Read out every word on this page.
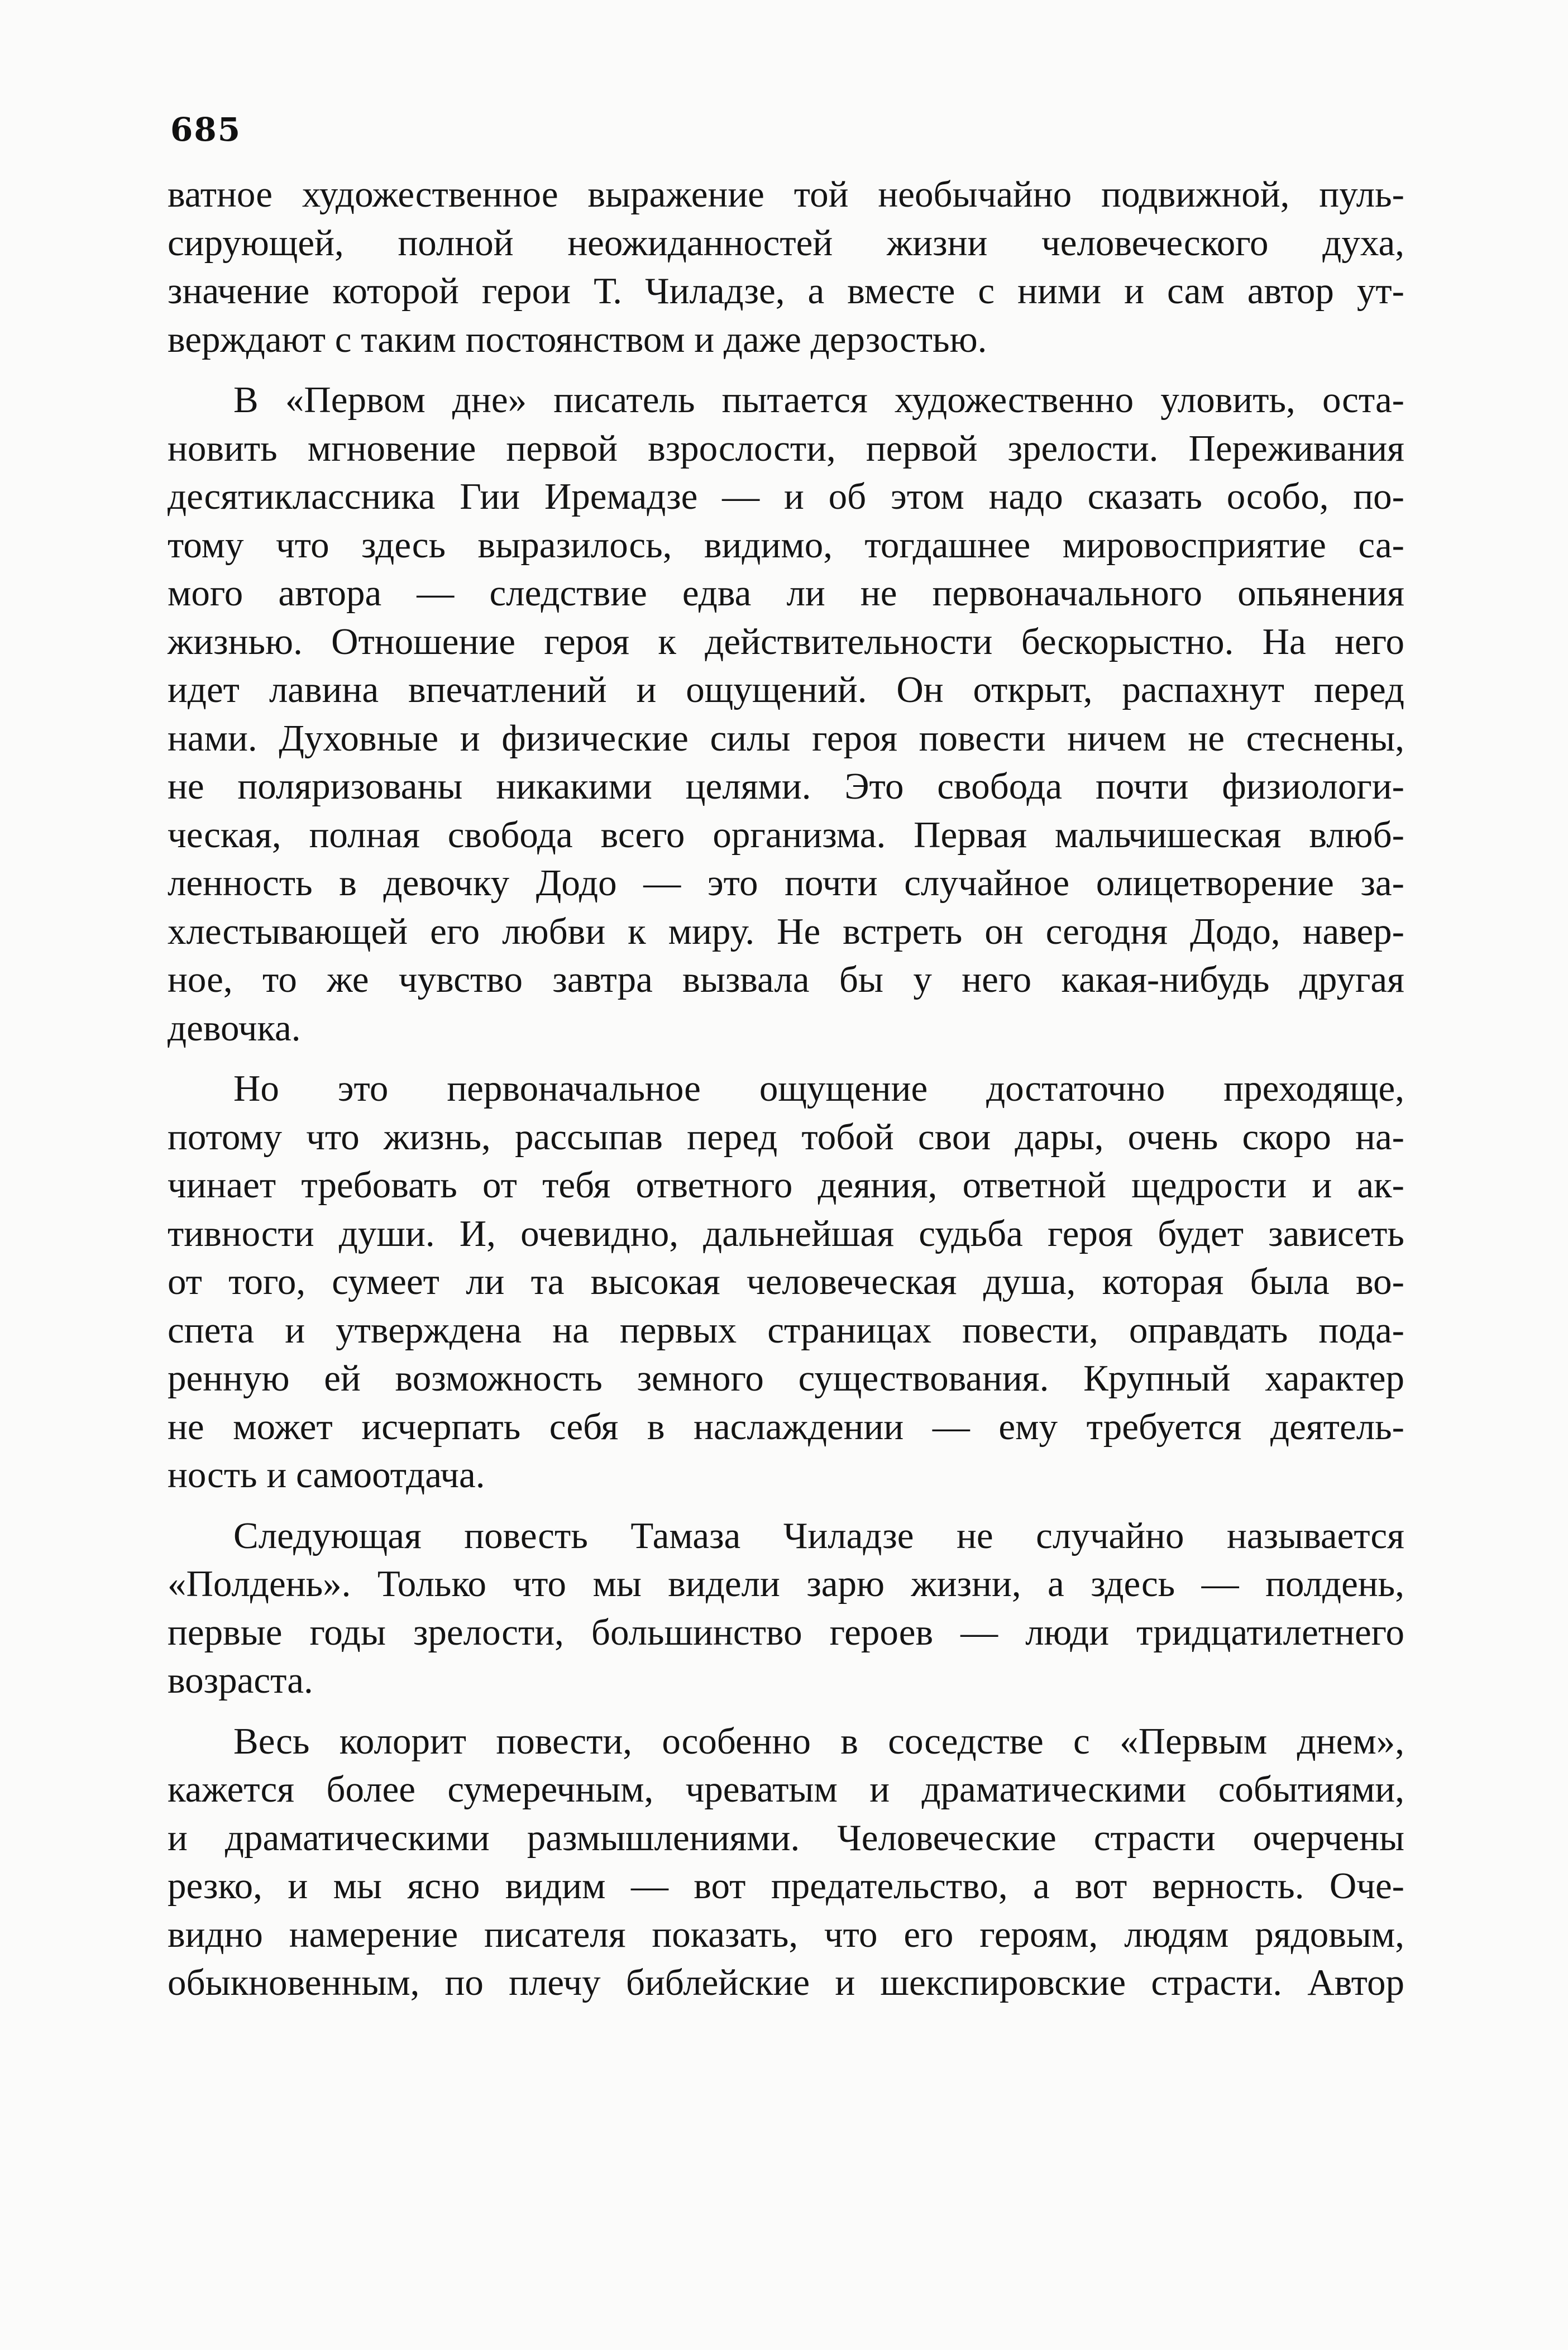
685
ватное художественное выражение той необычайно подвижной, пуль-
сирующей, полной неожиданностей жизни человеческого духа,
значение которой герои Т. Чиладзе, а вместе с ними и сам автор ут-
верждают с таким постоянством и даже дерзостью.
В «Первом дне» писатель пытается художественно уловить, оста-
новить мгновение первой взрослости, первой зрелости. Переживания
десятиклассника Гии Иремадзе — и об этом надо сказать особо, по-
тому что здесь выразилось, видимо, тогдашнее мировосприятие са-
мого автора — следствие едва ли не первоначального опьянения
жизнью. Отношение героя к действительности бескорыстно. На него
идет лавина впечатлений и ощущений. Он открыт, распахнут перед
нами. Духовные и физические силы героя повести ничем не стеснены,
не поляризованы никакими целями. Это свобода почти физиологи-
ческая, полная свобода всего организма. Первая мальчишеская влюб-
ленность в девочку Додо — это почти случайное олицетворение за-
хлестывающей его любви к миру. Не встреть он сегодня Додо, навер-
ное, то же чувство завтра вызвала бы у него какая-нибудь другая
девочка.
Но это первоначальное ощущение достаточно преходяще,
потому что жизнь, рассыпав перед тобой свои дары, очень скоро на-
чинает требовать от тебя ответного деяния, ответной щедрости и ак-
тивности души. И, очевидно, дальнейшая судьба героя будет зависеть
от того, сумеет ли та высокая человеческая душа, которая была во-
спета и утверждена на первых страницах повести, оправдать пода-
ренную ей возможность земного существования. Крупный характер
не может исчерпать себя в наслаждении — ему требуется деятель-
ность и самоотдача.
Следующая повесть Тамаза Чиладзе не случайно называется
«Полдень». Только что мы видели зарю жизни, а здесь — полдень,
первые годы зрелости, большинство героев — люди тридцатилетнего
возраста.
Весь колорит повести, особенно в соседстве с «Первым днем»,
кажется более сумеречным, чреватым и драматическими событиями,
и драматическими размышлениями. Человеческие страсти очерчены
резко, и мы ясно видим — вот предательство, а вот верность. Оче-
видно намерение писателя показать, что его героям, людям рядовым,
обыкновенным, по плечу библейские и шекспировские страсти. Автор
